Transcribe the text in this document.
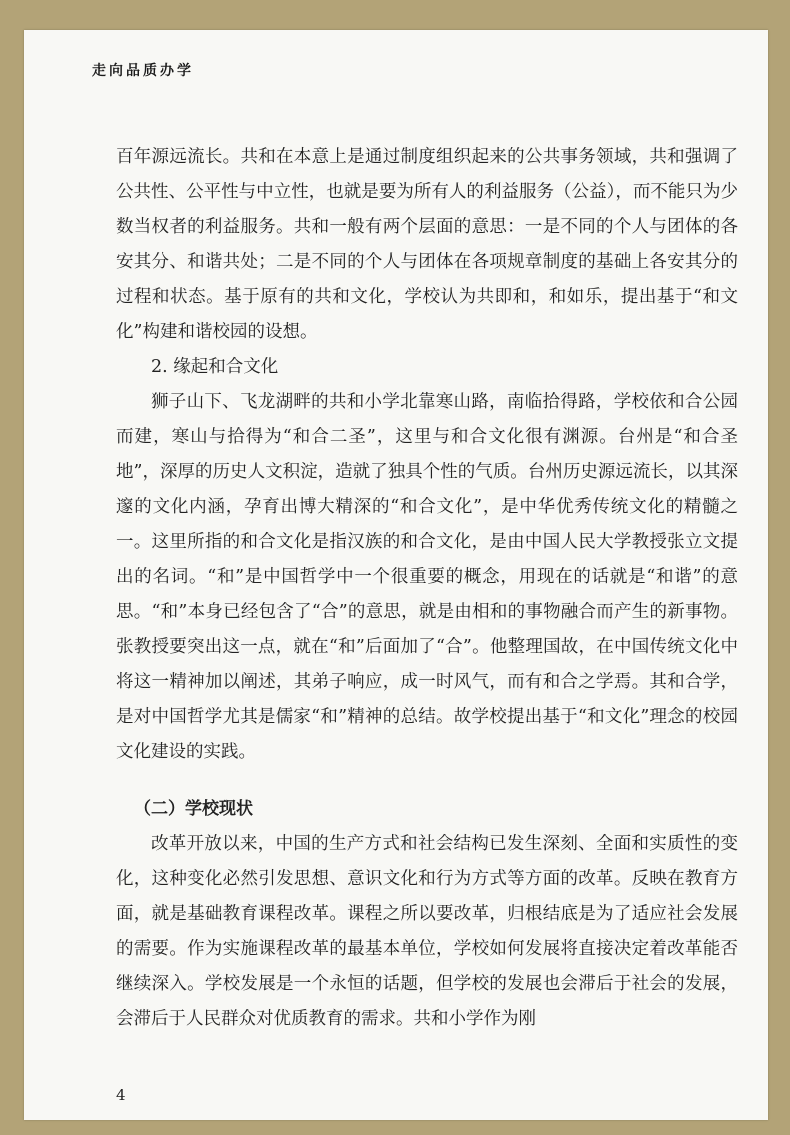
走向品质办学

百年源远流长。共和在本意上是通过制度组织起来的公共事务领域，共和强调了公共性、公平性与中立性，也就是要为所有人的利益服务（公益），而不能只为少数当权者的利益服务。共和一般有两个层面的意思：一是不同的个人与团体的各安其分、和谐共处；二是不同的个人与团体在各项规章制度的基础上各安其分的过程和状态。基于原有的共和文化，学校认为共即和，和如乐，提出基于“和文化”构建和谐校园的设想。

2. 缘起和合文化

狮子山下、飞龙湖畔的共和小学北靠寒山路，南临拾得路，学校依和合公园而建，寒山与拾得为“和合二圣”，这里与和合文化很有渊源。台州是“和合圣地”，深厚的历史人文积淀，造就了独具个性的气质。台州历史源远流长，以其深邃的文化内涵，孕育出博大精深的“和合文化”，是中华优秀传统文化的精髓之一。这里所指的和合文化是指汉族的和合文化，是由中国人民大学教授张立文提出的名词。“和”是中国哲学中一个很重要的概念，用现在的话就是“和谐”的意思。“和”本身已经包含了“合”的意思，就是由相和的事物融合而产生的新事物。张教授要突出这一点，就在“和”后面加了“合”。他整理国故，在中国传统文化中将这一精神加以阐述，其弟子响应，成一时风气，而有和合之学焉。其和合学，是对中国哲学尤其是儒家“和”精神的总结。故学校提出基于“和文化”理念的校园文化建设的实践。

（二）学校现状

改革开放以来，中国的生产方式和社会结构已发生深刻、全面和实质性的变化，这种变化必然引发思想、意识文化和行为方式等方面的改革。反映在教育方面，就是基础教育课程改革。课程之所以要改革，归根结底是为了适应社会发展的需要。作为实施课程改革的最基本单位，学校如何发展将直接决定着改革能否继续深入。学校发展是一个永恒的话题，但学校的发展也会滞后于社会的发展，会滞后于人民群众对优质教育的需求。共和小学作为刚

4
